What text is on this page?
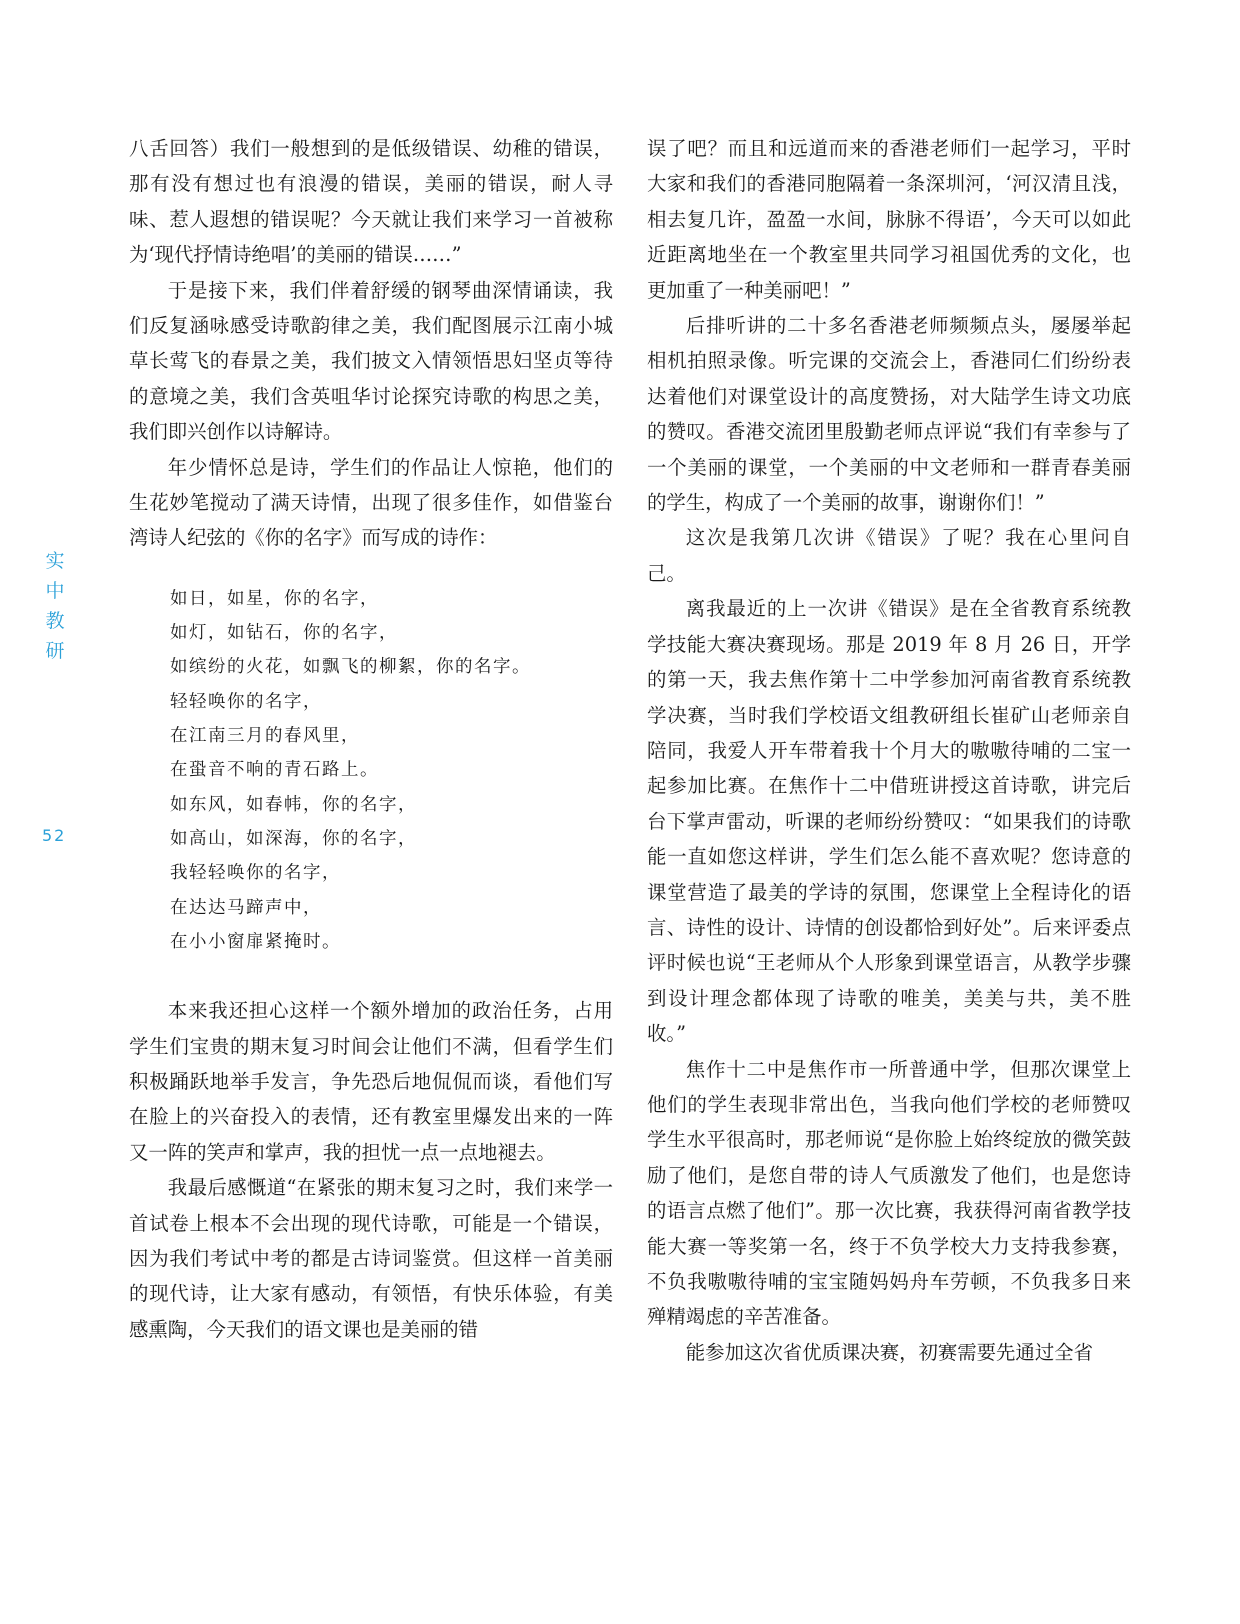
实
中
教
研
52

八舌回答）我们一般想到的是低级错误、幼稚的错误，那有没有想过也有浪漫的错误，美丽的错误，耐人寻味、惹人遐想的错误呢？今天就让我们来学习一首被称为‘现代抒情诗绝唱’的美丽的错误……”

于是接下来，我们伴着舒缓的钢琴曲深情诵读，我们反复涵咏感受诗歌韵律之美，我们配图展示江南小城草长莺飞的春景之美，我们披文入情领悟思妇坚贞等待的意境之美，我们含英咀华讨论探究诗歌的构思之美，我们即兴创作以诗解诗。

年少情怀总是诗，学生们的作品让人惊艳，他们的生花妙笔搅动了满天诗情，出现了很多佳作，如借鉴台湾诗人纪弦的《你的名字》而写成的诗作：

如日，如星，你的名字，
如灯，如钻石，你的名字，
如缤纷的火花，如飘飞的柳絮，你的名字。
轻轻唤你的名字，
在江南三月的春风里，
在蛩音不响的青石路上。
如东风，如春帏，你的名字，
如高山，如深海，你的名字，
我轻轻唤你的名字，
在达达马蹄声中，
在小小窗扉紧掩时。

本来我还担心这样一个额外增加的政治任务，占用学生们宝贵的期末复习时间会让他们不满，但看学生们积极踊跃地举手发言，争先恐后地侃侃而谈，看他们写在脸上的兴奋投入的表情，还有教室里爆发出来的一阵又一阵的笑声和掌声，我的担忧一点一点地褪去。

我最后感慨道“在紧张的期末复习之时，我们来学一首试卷上根本不会出现的现代诗歌，可能是一个错误，因为我们考试中考的都是古诗词鉴赏。但这样一首美丽的现代诗，让大家有感动，有领悟，有快乐体验，有美感熏陶，今天我们的语文课也是美丽的错

误了吧？而且和远道而来的香港老师们一起学习，平时大家和我们的香港同胞隔着一条深圳河，‘河汉清且浅，相去复几许，盈盈一水间，脉脉不得语’，今天可以如此近距离地坐在一个教室里共同学习祖国优秀的文化，也更加重了一种美丽吧！”

后排听讲的二十多名香港老师频频点头，屡屡举起相机拍照录像。听完课的交流会上，香港同仁们纷纷表达着他们对课堂设计的高度赞扬，对大陆学生诗文功底的赞叹。香港交流团里殷勤老师点评说“我们有幸参与了一个美丽的课堂，一个美丽的中文老师和一群青春美丽的学生，构成了一个美丽的故事，谢谢你们！”

这次是我第几次讲《错误》了呢？我在心里问自己。

离我最近的上一次讲《错误》是在全省教育系统教学技能大赛决赛现场。那是 2019 年 8 月 26 日，开学的第一天，我去焦作第十二中学参加河南省教育系统教学决赛，当时我们学校语文组教研组长崔矿山老师亲自陪同，我爱人开车带着我十个月大的嗷嗷待哺的二宝一起参加比赛。在焦作十二中借班讲授这首诗歌，讲完后台下掌声雷动，听课的老师纷纷赞叹：“如果我们的诗歌能一直如您这样讲，学生们怎么能不喜欢呢？您诗意的课堂营造了最美的学诗的氛围，您课堂上全程诗化的语言、诗性的设计、诗情的创设都恰到好处”。后来评委点评时候也说“王老师从个人形象到课堂语言，从教学步骤到设计理念都体现了诗歌的唯美，美美与共，美不胜收。”

焦作十二中是焦作市一所普通中学，但那次课堂上他们的学生表现非常出色，当我向他们学校的老师赞叹学生水平很高时，那老师说“是你脸上始终绽放的微笑鼓励了他们，是您自带的诗人气质激发了他们，也是您诗的语言点燃了他们”。那一次比赛，我获得河南省教学技能大赛一等奖第一名，终于不负学校大力支持我参赛，不负我嗷嗷待哺的宝宝随妈妈舟车劳顿，不负我多日来殚精竭虑的辛苦准备。

能参加这次省优质课决赛，初赛需要先通过全省
